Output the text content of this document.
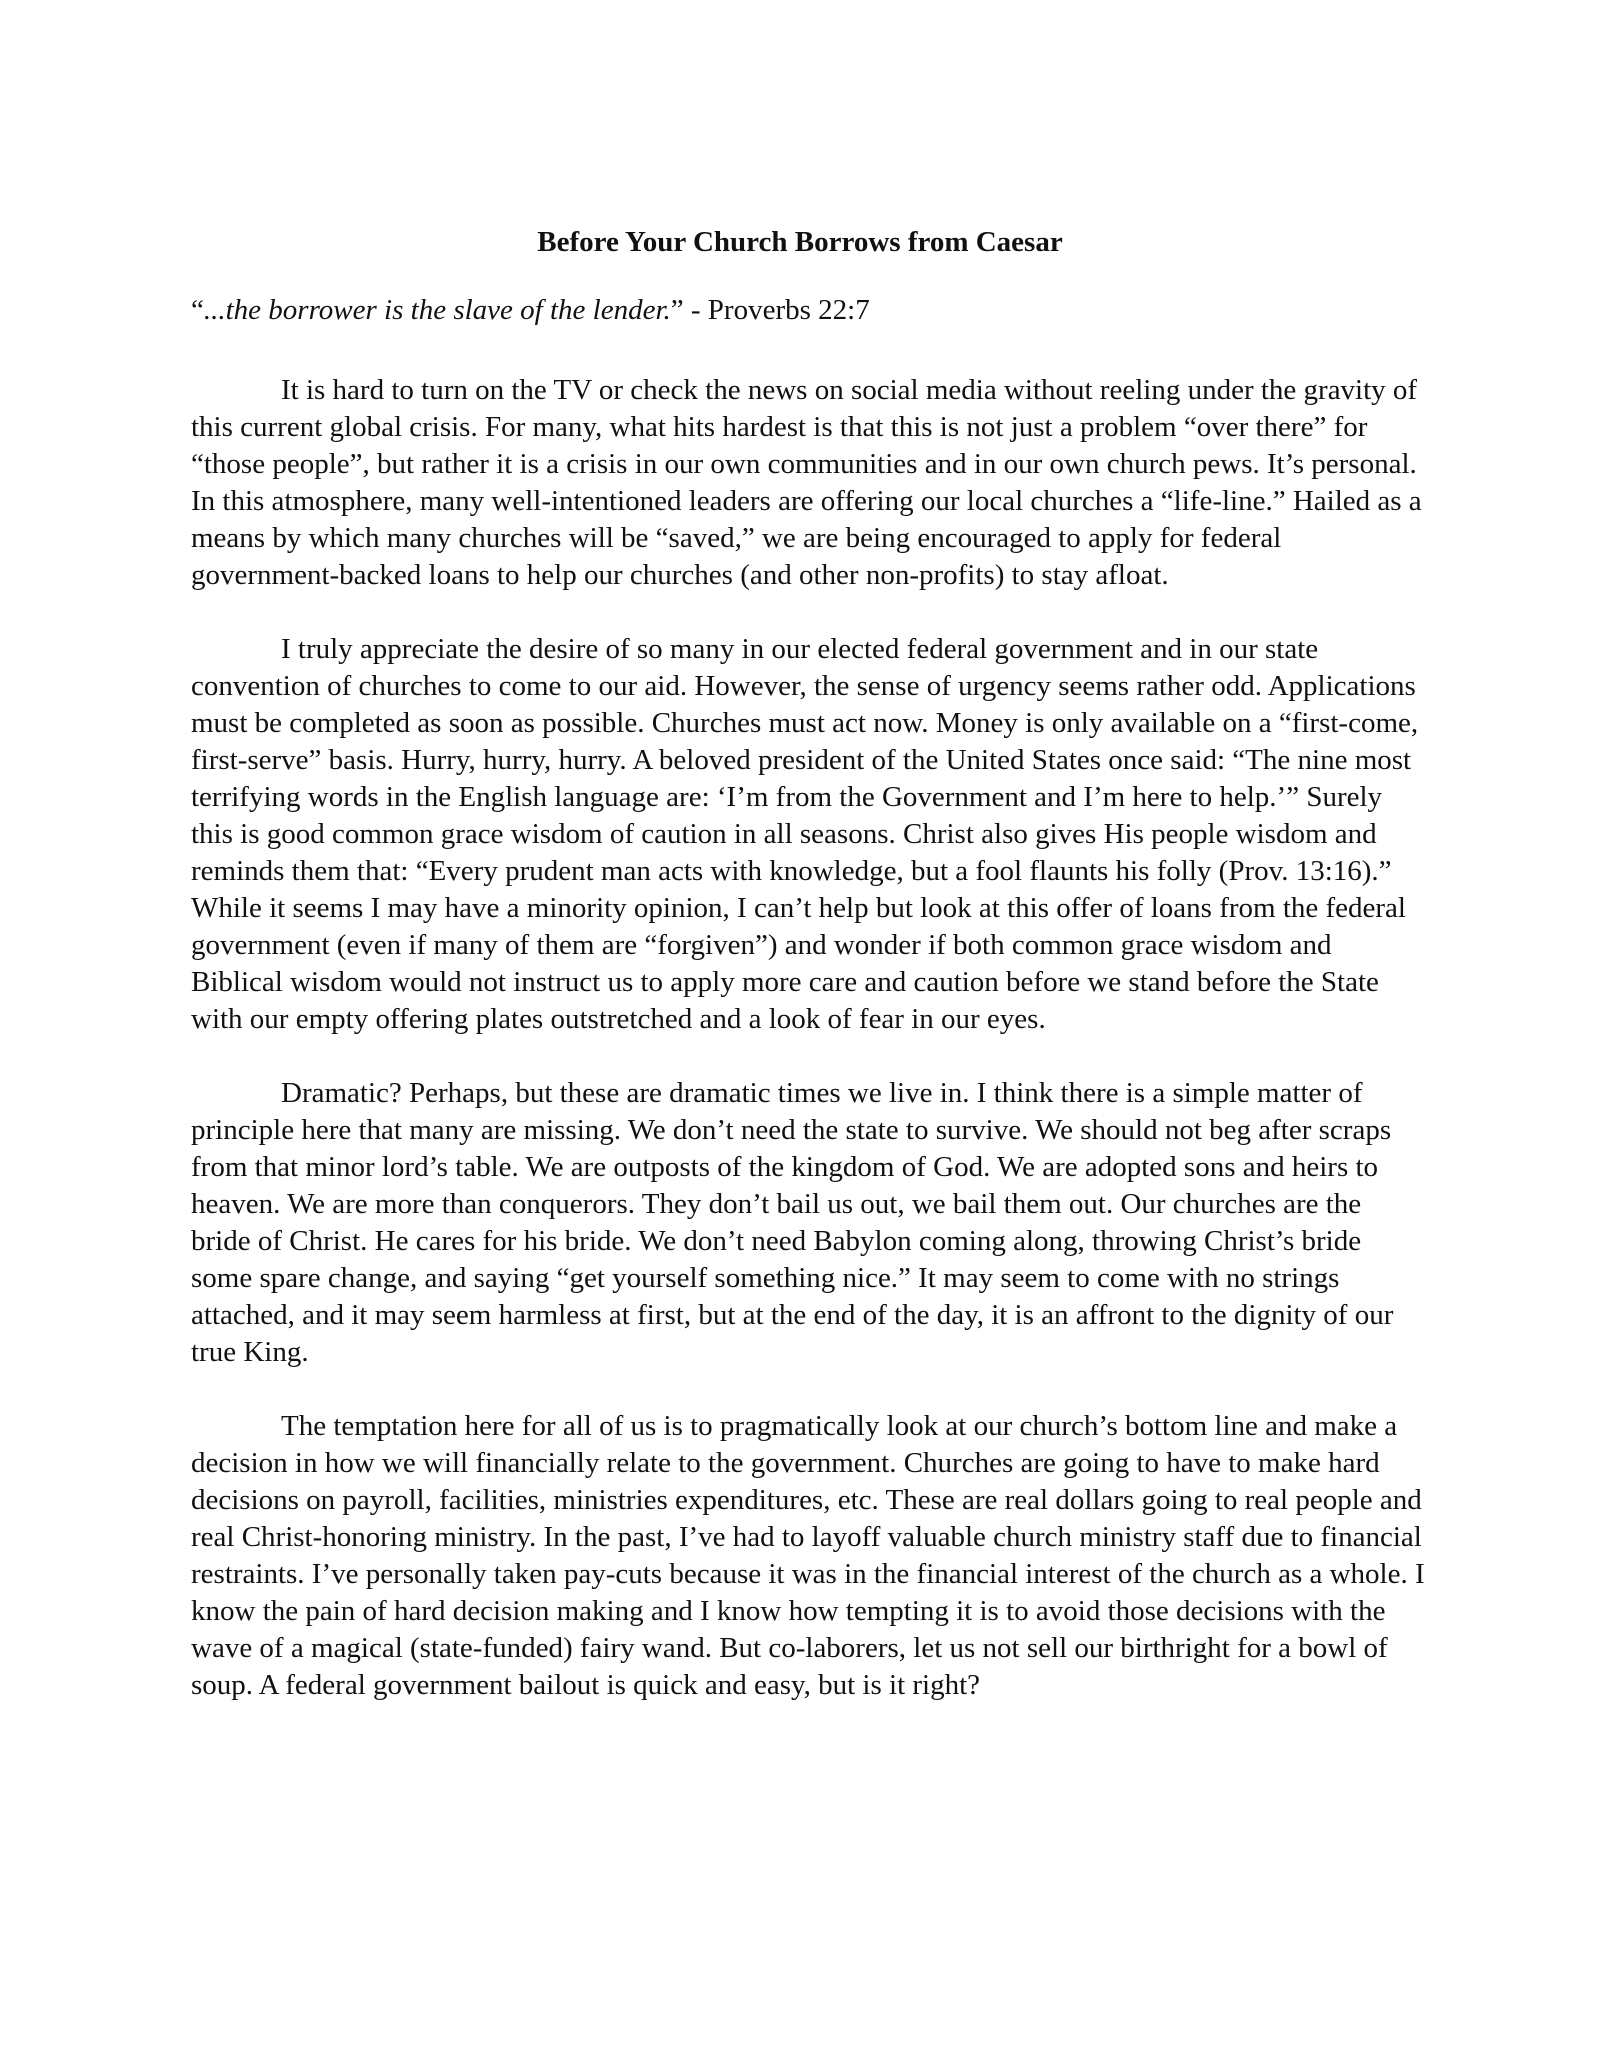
Before Your Church Borrows from Caesar
“...the borrower is the slave of the lender.” - Proverbs 22:7

It is hard to turn on the TV or check the news on social media without reeling under the gravity of this current global crisis. For many, what hits hardest is that this is not just a problem “over there” for “those people”, but rather it is a crisis in our own communities and in our own church pews. It’s personal. In this atmosphere, many well-intentioned leaders are offering our local churches a “life-line.” Hailed as a means by which many churches will be “saved,” we are being encouraged to apply for federal government-backed loans to help our churches (and other non-profits) to stay afloat.

I truly appreciate the desire of so many in our elected federal government and in our state convention of churches to come to our aid. However, the sense of urgency seems rather odd. Applications must be completed as soon as possible. Churches must act now. Money is only available on a “first-come, first-serve” basis. Hurry, hurry, hurry. A beloved president of the United States once said: “The nine most terrifying words in the English language are: ‘I’m from the Government and I’m here to help.’” Surely this is good common grace wisdom of caution in all seasons. Christ also gives His people wisdom and reminds them that: “Every prudent man acts with knowledge, but a fool flaunts his folly (Prov. 13:16).” While it seems I may have a minority opinion, I can’t help but look at this offer of loans from the federal government (even if many of them are “forgiven”) and wonder if both common grace wisdom and Biblical wisdom would not instruct us to apply more care and caution before we stand before the State with our empty offering plates outstretched and a look of fear in our eyes.

Dramatic? Perhaps, but these are dramatic times we live in. I think there is a simple matter of principle here that many are missing. We don’t need the state to survive. We should not beg after scraps from that minor lord’s table. We are outposts of the kingdom of God. We are adopted sons and heirs to heaven. We are more than conquerors. They don’t bail us out, we bail them out. Our churches are the bride of Christ. He cares for his bride. We don’t need Babylon coming along, throwing Christ’s bride some spare change, and saying “get yourself something nice.” It may seem to come with no strings attached, and it may seem harmless at first, but at the end of the day, it is an affront to the dignity of our true King.

The temptation here for all of us is to pragmatically look at our church’s bottom line and make a decision in how we will financially relate to the government. Churches are going to have to make hard decisions on payroll, facilities, ministries expenditures, etc. These are real dollars going to real people and real Christ-honoring ministry. In the past, I’ve had to layoff valuable church ministry staff due to financial restraints. I’ve personally taken pay-cuts because it was in the financial interest of the church as a whole. I know the pain of hard decision making and I know how tempting it is to avoid those decisions with the wave of a magical (state-funded) fairy wand. But co-laborers, let us not sell our birthright for a bowl of soup. A federal government bailout is quick and easy, but is it right?
